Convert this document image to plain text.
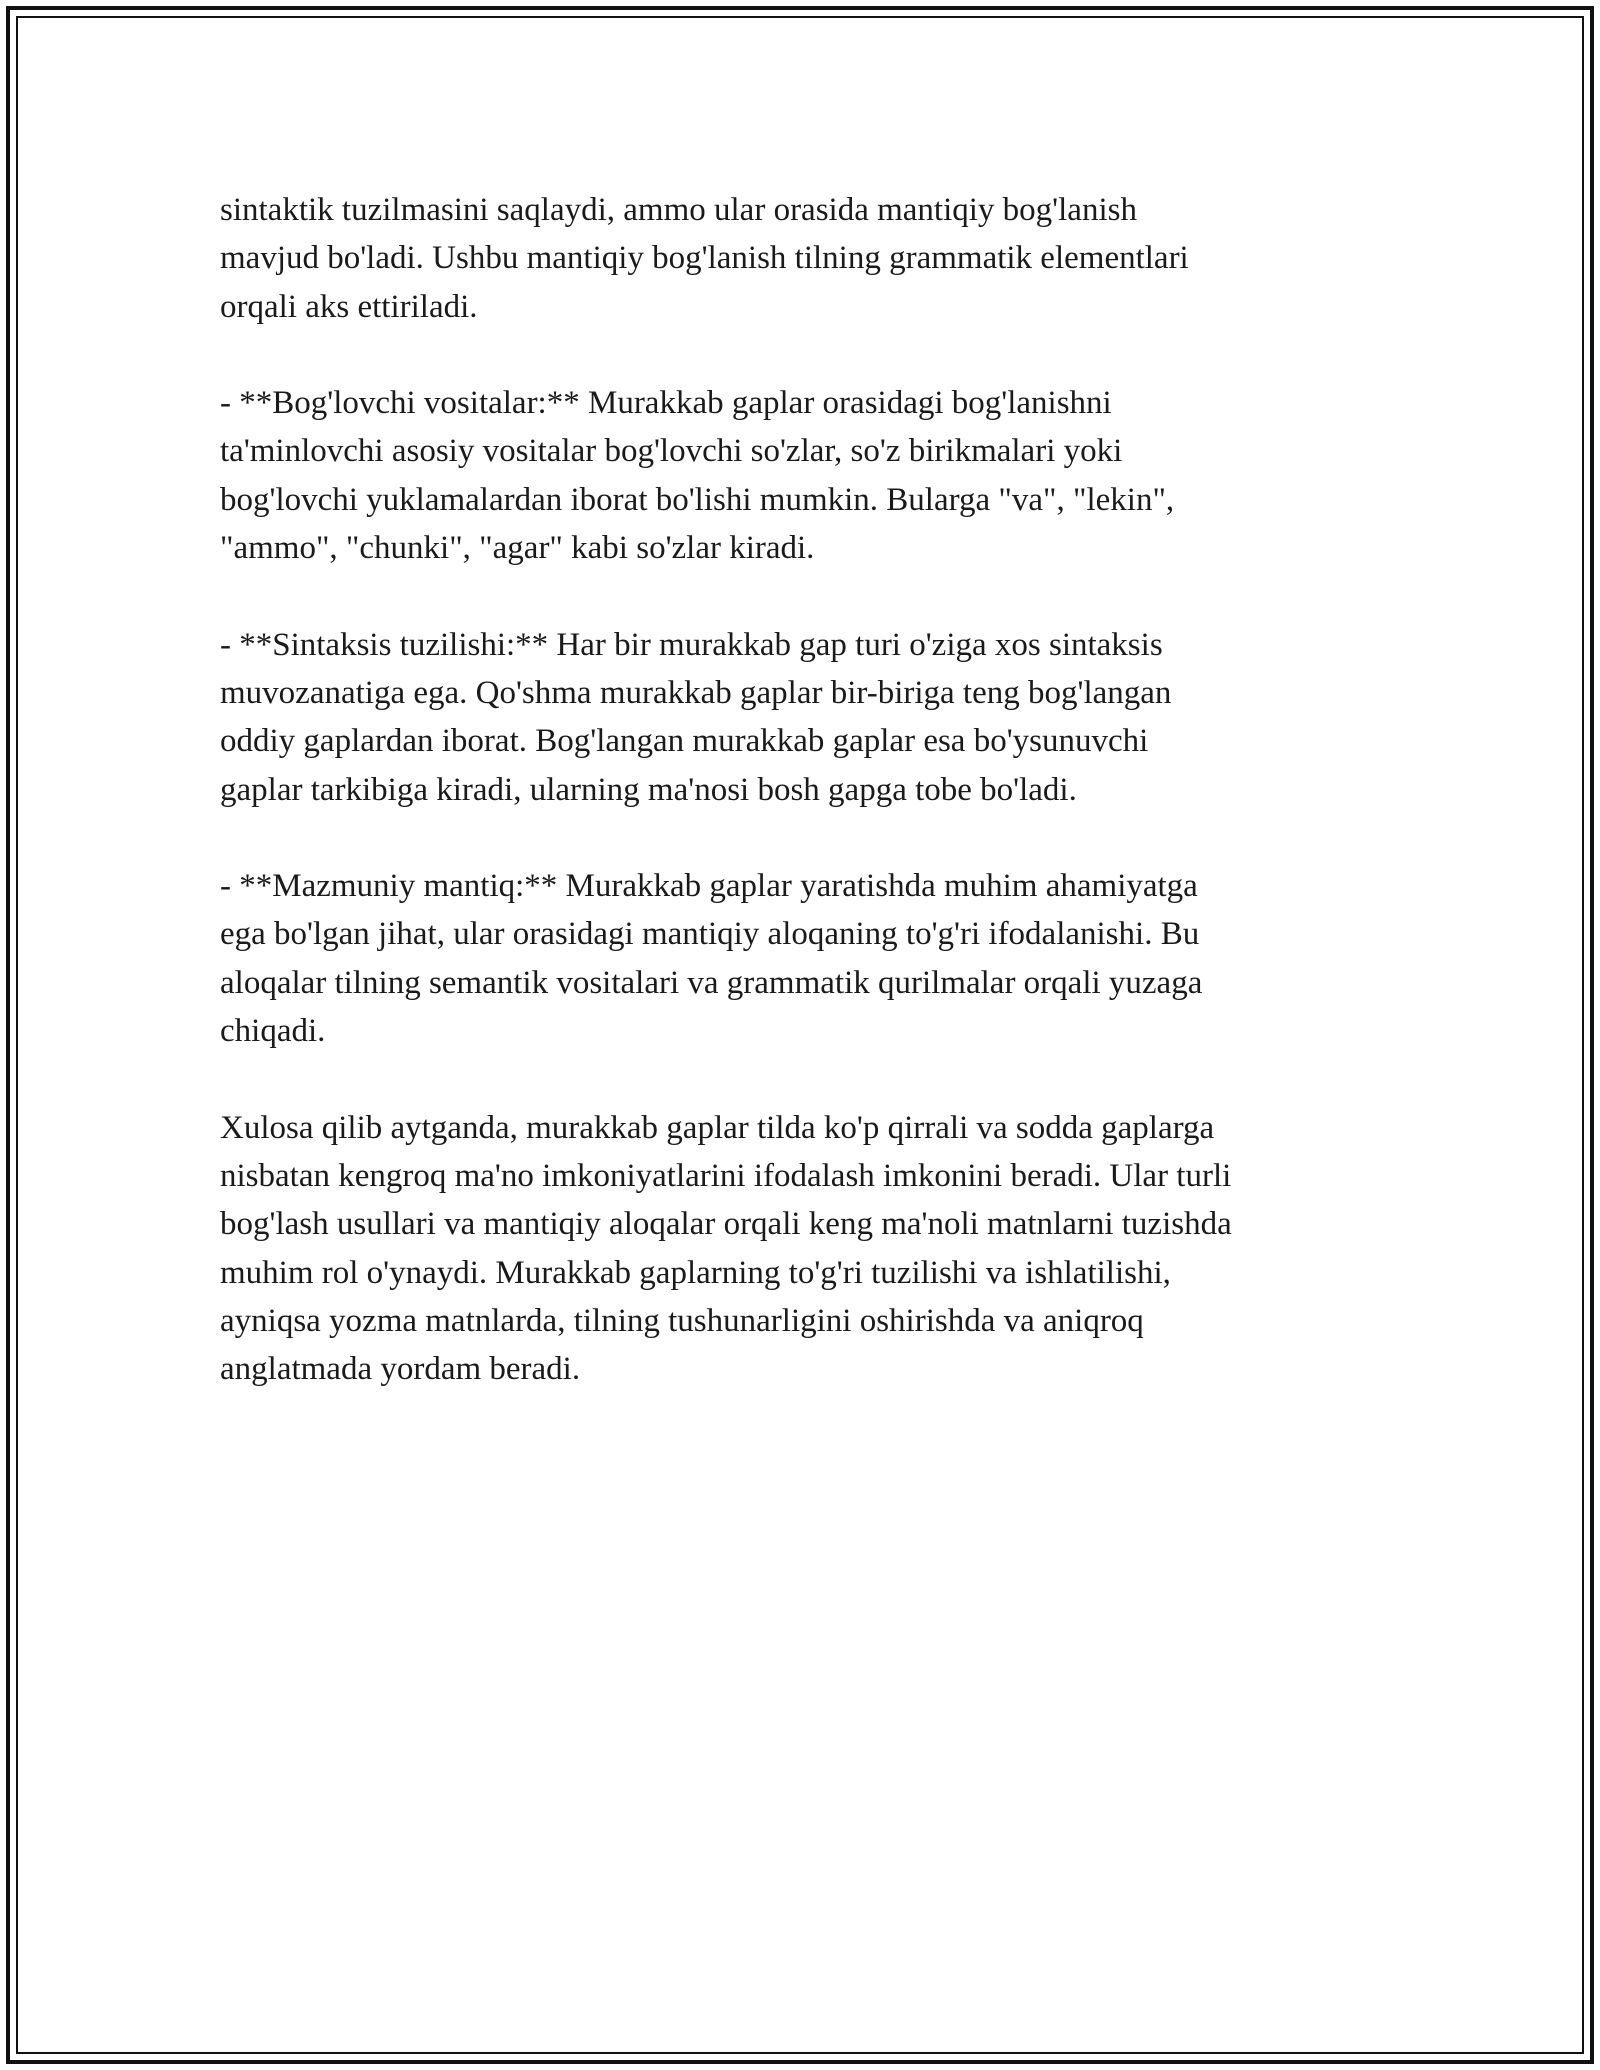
sintaktik tuzilmasini saqlaydi, ammo ular orasida mantiqiy bog'lanish
mavjud bo'ladi. Ushbu mantiqiy bog'lanish tilning grammatik elementlari
orqali aks ettiriladi.
- **Bog'lovchi vositalar:** Murakkab gaplar orasidagi bog'lanishni
ta'minlovchi asosiy vositalar bog'lovchi so'zlar, so'z birikmalari yoki
bog'lovchi yuklamalardan iborat bo'lishi mumkin. Bularga "va", "lekin",
"ammo", "chunki", "agar" kabi so'zlar kiradi.
- **Sintaksis tuzilishi:** Har bir murakkab gap turi o'ziga xos sintaksis
muvozanatiga ega. Qo'shma murakkab gaplar bir-biriga teng bog'langan
oddiy gaplardan iborat. Bog'langan murakkab gaplar esa bo'ysunuvchi
gaplar tarkibiga kiradi, ularning ma'nosi bosh gapga tobe bo'ladi.
- **Mazmuniy mantiq:** Murakkab gaplar yaratishda muhim ahamiyatga
ega bo'lgan jihat, ular orasidagi mantiqiy aloqaning to'g'ri ifodalanishi. Bu
aloqalar tilning semantik vositalari va grammatik qurilmalar orqali yuzaga
chiqadi.
Xulosa qilib aytganda, murakkab gaplar tilda ko'p qirrali va sodda gaplarga
nisbatan kengroq ma'no imkoniyatlarini ifodalash imkonini beradi. Ular turli
bog'lash usullari va mantiqiy aloqalar orqali keng ma'noli matnlarni tuzishda
muhim rol o'ynaydi. Murakkab gaplarning to'g'ri tuzilishi va ishlatilishi,
ayniqsa yozma matnlarda, tilning tushunarligini oshirishda va aniqroq
anglatmada yordam beradi.
